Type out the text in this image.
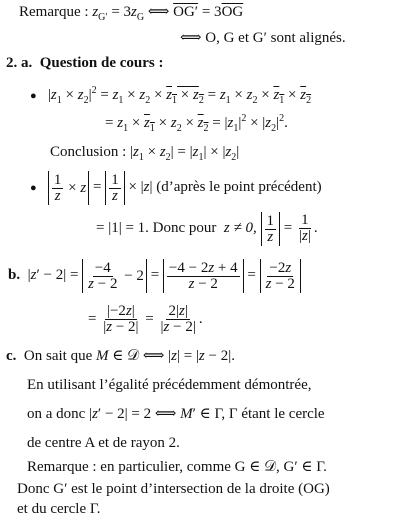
Remarque : $z_{G'} = 3z_G$ ⟺ $OG' = 3\overline{OG}$
⟺ O, G et G′ sont alignés.
2. a. Question de cours :
●   $|z_1 \times z_2|^2 = z_1 \times z_2 \times z_1 \times z_2 = z_1 \times z_2 \times z_1 \times z_2$
= $z_1 \times z_1 \times z_2 \times z_2 = |z_1|^2 \times |z_2|^2$.
Conclusion : $|z_1 \times z_2| = |z_1| \times |z_2|$
● $\frac{1}{z} \times z = \frac{1}{z} \times |z|$ (d’après le point précédent)
= |1| = 1. Donc pour z ≠ 0, $\frac{1}{z} = \frac{1}{|z|}$ .
b.  $|z' - 2| = \frac{-4}{z - 2} - 2 = \frac{-4 - 2z + 4}{z - 2} = \frac{-2z}{z - 2}$
= $\frac{|-2z|}{|z - 2|} = \frac{2|z|}{|z - 2|}$ .
c.  On sait que M ∈ 𝒟 ⟺ |z| = |z − 2|.
En utilisant l’égalité précédemment démontrée,
on a donc |z′ − 2| = 2 ⟺ M′ ∈ Γ, Γ étant le cercle
de centre A et de rayon 2.
Remarque : en particulier, comme G ∈ 𝒟, G′ ∈ Γ.
Donc G′ est le point d’intersection de la droite (OG)
et du cercle Γ.
